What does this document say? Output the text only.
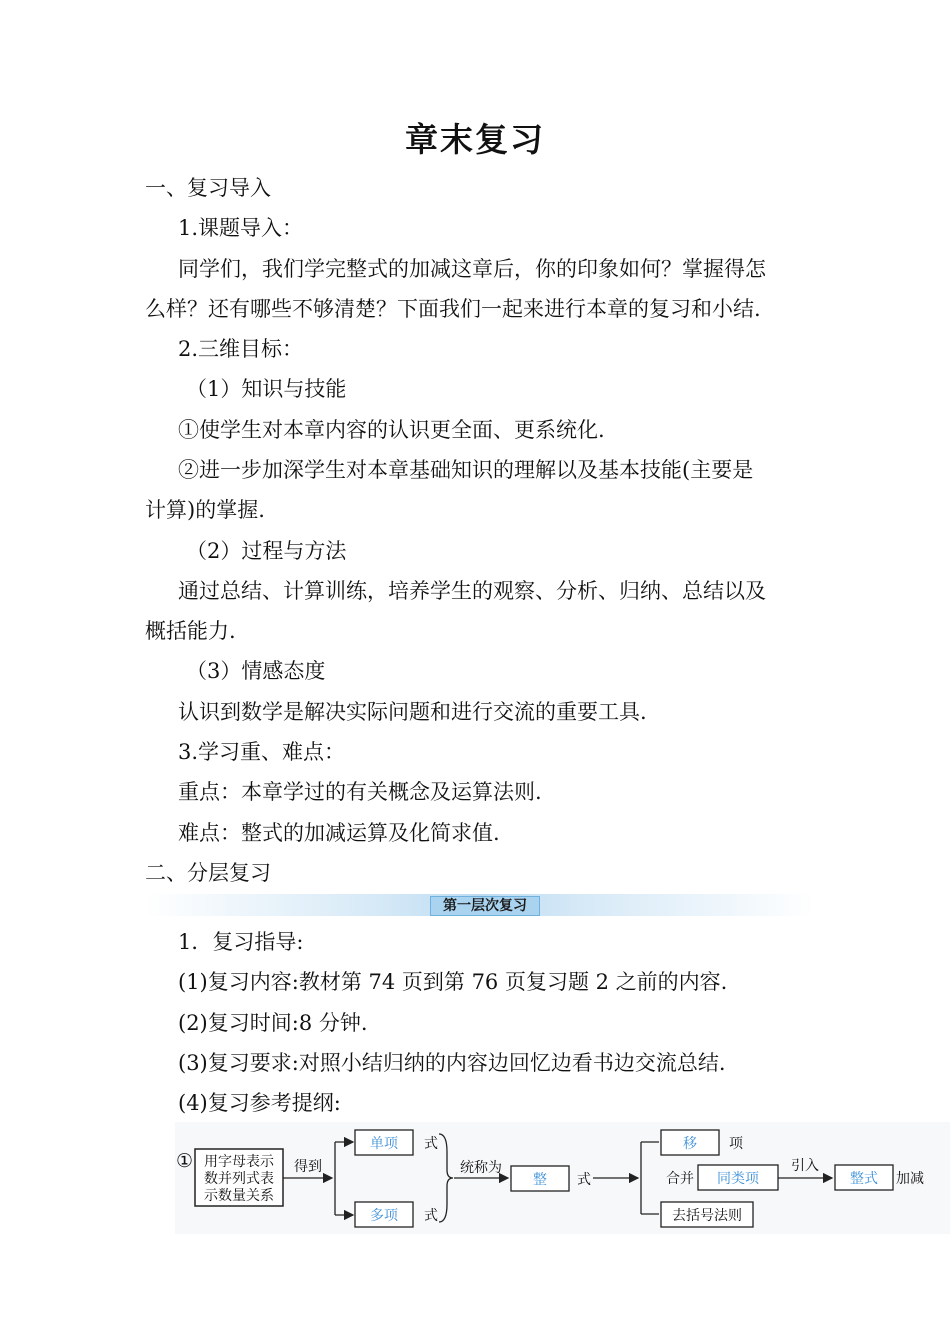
章末复习
一、复习导入
1.课题导入：
同学们，我们学完整式的加减这章后，你的印象如何？掌握得怎
么样？还有哪些不够清楚？下面我们一起来进行本章的复习和小结.
2.三维目标：
（1）知识与技能
①使学生对本章内容的认识更全面、更系统化.
②进一步加深学生对本章基础知识的理解以及基本技能(主要是
计算)的掌握.
（2）过程与方法
通过总结、计算训练，培养学生的观察、分析、归纳、总结以及
概括能力.
（3）情感态度
认识到数学是解决实际问题和进行交流的重要工具.
3.学习重、难点：
重点：本章学过的有关概念及运算法则.
难点：整式的加减运算及化简求值.
二、分层复习
第一层次复习
1．复习指导:
(1)复习内容:教材第 74 页到第 76 页复习题 2 之前的内容.
(2)复习时间:8 分钟.
(3)复习要求:对照小结归纳的内容边回忆边看书边交流总结.
(4)复习参考提纲:
① 用字母表示
数并列式表
示数量关系
得到
单项 式
多项 式
统称为
整 式
移 项
合并 同类项
去括号法则
引入
整式 加减
